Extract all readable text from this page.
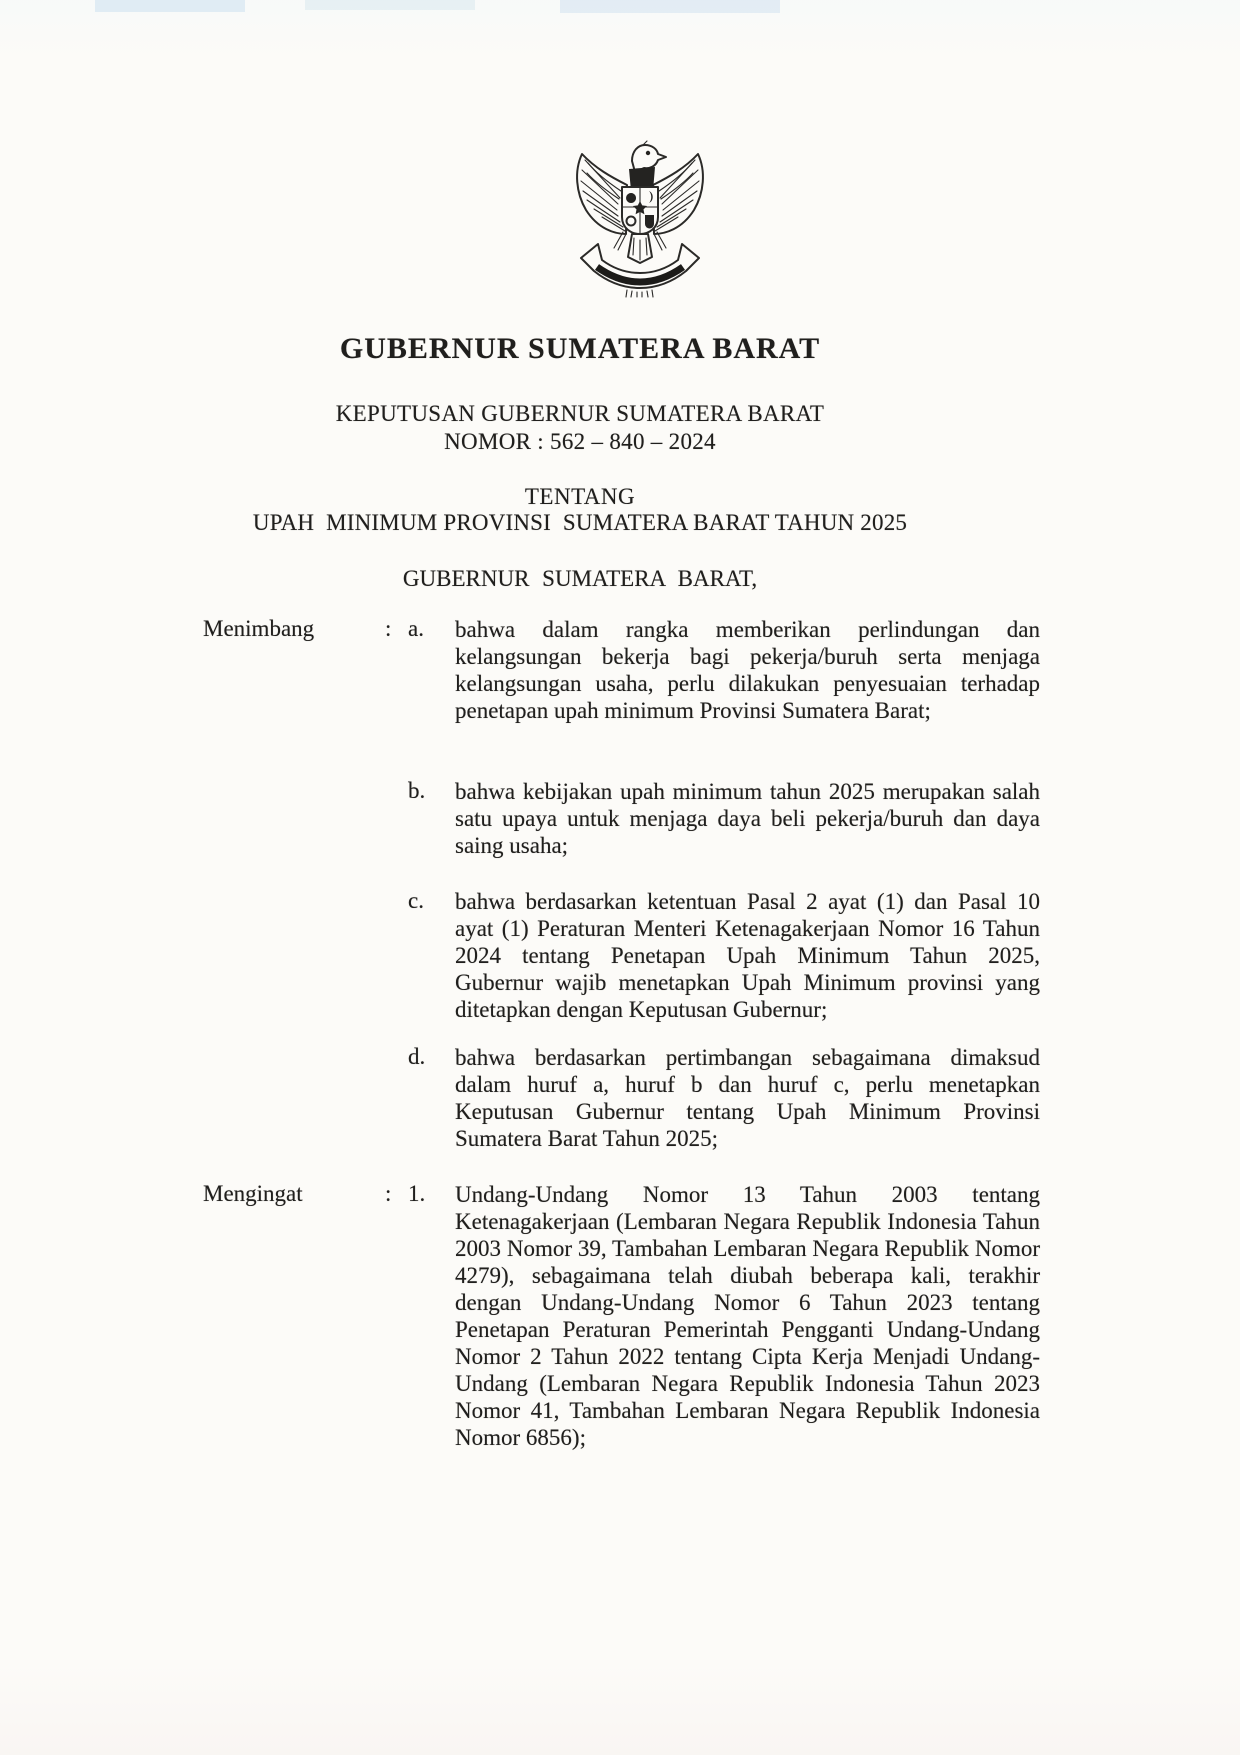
GUBERNUR SUMATERA BARAT
KEPUTUSAN GUBERNUR SUMATERA BARAT
NOMOR : 562 – 840 – 2024
TENTANG
UPAH  MINIMUM PROVINSI  SUMATERA BARAT TAHUN 2025
GUBERNUR SUMATERA BARAT,
Menimbang	: a. bahwa dalam rangka memberikan perlindungan dan kelangsungan bekerja bagi pekerja/buruh serta menjaga kelangsungan usaha, perlu dilakukan penyesuaian terhadap penetapan upah minimum Provinsi Sumatera Barat;
b. bahwa kebijakan upah minimum tahun 2025 merupakan salah satu upaya untuk menjaga daya beli pekerja/buruh dan daya saing usaha;
c. bahwa berdasarkan ketentuan Pasal 2 ayat (1) dan Pasal 10 ayat (1) Peraturan Menteri Ketenagakerjaan Nomor 16 Tahun 2024 tentang Penetapan Upah Minimum Tahun 2025, Gubernur wajib menetapkan Upah Minimum provinsi yang ditetapkan dengan Keputusan Gubernur;
d. bahwa berdasarkan pertimbangan sebagaimana dimaksud dalam huruf a, huruf b dan huruf c, perlu menetapkan Keputusan Gubernur tentang Upah Minimum Provinsi Sumatera Barat Tahun 2025;
Mengingat	: 1. Undang-Undang Nomor 13 Tahun 2003 tentang Ketenagakerjaan (Lembaran Negara Republik Indonesia Tahun 2003 Nomor 39, Tambahan Lembaran Negara Republik Nomor 4279), sebagaimana telah diubah beberapa kali, terakhir dengan Undang-Undang Nomor 6 Tahun 2023 tentang Penetapan Peraturan Pemerintah Pengganti Undang-Undang Nomor 2 Tahun 2022 tentang Cipta Kerja Menjadi Undang-Undang (Lembaran Negara Republik Indonesia Tahun 2023 Nomor 41, Tambahan Lembaran Negara Republik Indonesia Nomor 6856);
